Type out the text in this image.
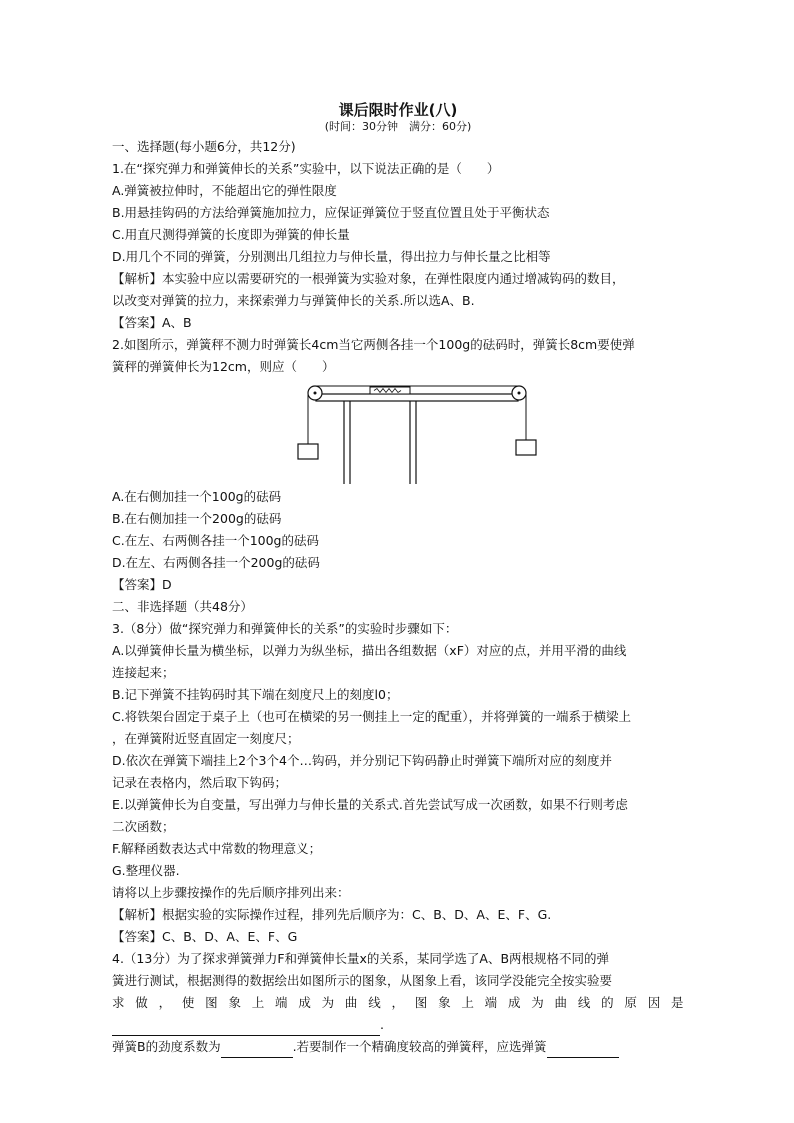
课后限时作业(八)
(时间：30分钟　满分：60分)
一、选择题(每小题6分，共12分)
1.在“探究弹力和弹簧伸长的关系”实验中，以下说法正确的是（　　）
A.弹簧被拉伸时，不能超出它的弹性限度
B.用悬挂钩码的方法给弹簧施加拉力，应保证弹簧位于竖直位置且处于平衡状态
C.用直尺测得弹簧的长度即为弹簧的伸长量
D.用几个不同的弹簧，分别测出几组拉力与伸长量，得出拉力与伸长量之比相等
【解析】本实验中应以需要研究的一根弹簧为实验对象，在弹性限度内通过增减钩码的数目，
以改变对弹簧的拉力，来探索弹力与弹簧伸长的关系.所以选A、B.
【答案】A、B
2.如图所示，弹簧秤不测力时弹簧长4cm当它两侧各挂一个100g的砝码时，弹簧长8cm要使弹
簧秤的弹簧伸长为12cm，则应（　　）
A.在右侧加挂一个100g的砝码
B.在右侧加挂一个200g的砝码
C.在左、右两侧各挂一个100g的砝码
D.在左、右两侧各挂一个200g的砝码
【答案】D
二、非选择题（共48分）
3.（8分）做“探究弹力和弹簧伸长的关系”的实验时步骤如下：
A.以弹簧伸长量为横坐标，以弹力为纵坐标，描出各组数据（xF）对应的点，并用平滑的曲线
连接起来；
B.记下弹簧不挂钩码时其下端在刻度尺上的刻度l0；
C.将铁架台固定于桌子上（也可在横梁的另一侧挂上一定的配重），并将弹簧的一端系于横梁上
，在弹簧附近竖直固定一刻度尺；
D.依次在弹簧下端挂上2个3个4个…钩码，并分别记下钩码静止时弹簧下端所对应的刻度并
记录在表格内，然后取下钩码；
E.以弹簧伸长为自变量，写出弹力与伸长量的关系式.首先尝试写成一次函数，如果不行则考虑
二次函数；
F.解释函数表达式中常数的物理意义；
G.整理仪器.
请将以上步骤按操作的先后顺序排列出来：
【解析】根据实验的实际操作过程，排列先后顺序为：C、B、D、A、E、F、G.
【答案】C、B、D、A、E、F、G
4.（13分）为了探求弹簧弹力F和弹簧伸长量x的关系，某同学选了A、B两根规格不同的弹
簧进行测试，根据测得的数据绘出如图所示的图象，从图象上看，该同学没能完全按实验要
求做，使图象上端成为曲线，图象上端成为曲线的原因是
.
弹簧B的劲度系数为	.若要制作一个精确度较高的弹簧秤，应选弹簧
